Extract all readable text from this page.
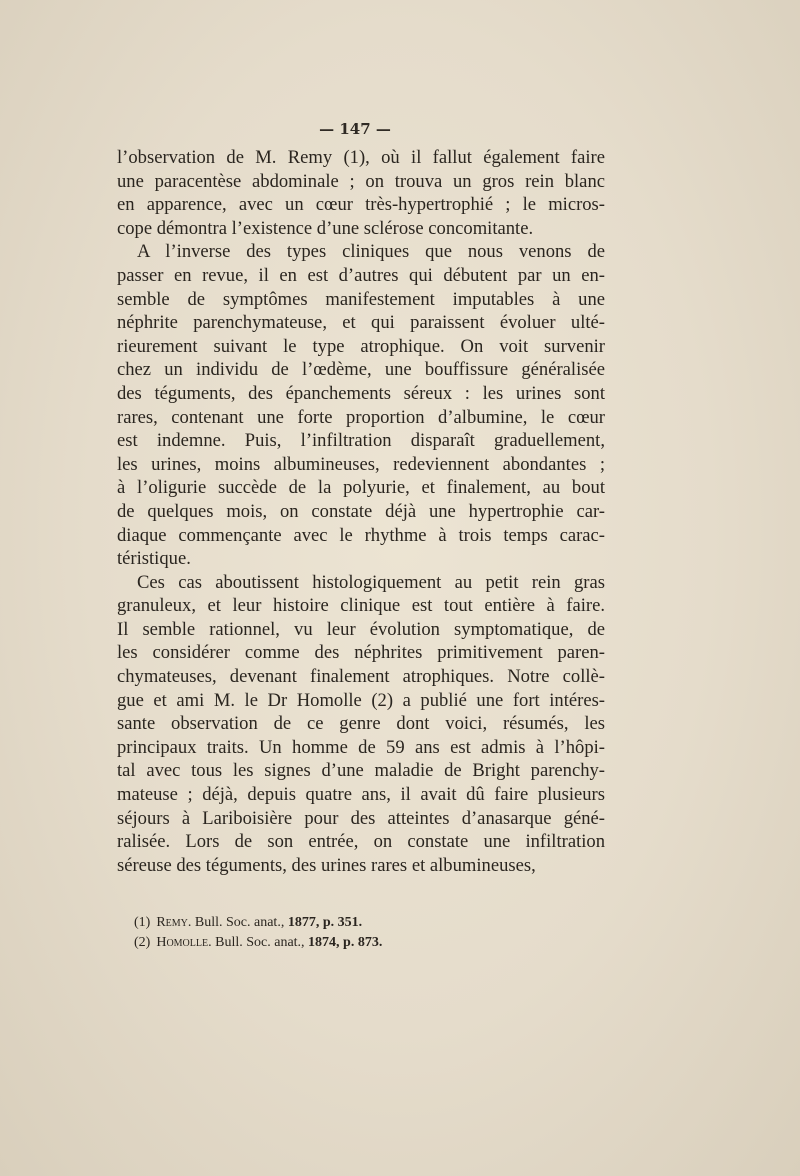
— 147 —
l’observation de M. Remy (1), où il fallut également faire
une paracentèse abdominale ; on trouva un gros rein blanc
en apparence, avec un cœur très-hypertrophié ; le micros-
cope démontra l’existence d’une sclérose concomitante.
A l’inverse des types cliniques que nous venons de
passer en revue, il en est d’autres qui débutent par un en-
semble de symptômes manifestement imputables à une
néphrite parenchymateuse, et qui paraissent évoluer ulté-
rieurement suivant le type atrophique. On voit survenir
chez un individu de l’œdème, une bouffissure généralisée
des téguments, des épanchements séreux : les urines sont
rares, contenant une forte proportion d’albumine, le cœur
est indemne. Puis, l’infiltration disparaît graduellement,
les urines, moins albumineuses, redeviennent abondantes ;
à l’oligurie succède de la polyurie, et finalement, au bout
de quelques mois, on constate déjà une hypertrophie car-
diaque commençante avec le rhythme à trois temps carac-
téristique.
Ces cas aboutissent histologiquement au petit rein gras
granuleux, et leur histoire clinique est tout entière à faire.
Il semble rationnel, vu leur évolution symptomatique, de
les considérer comme des néphrites primitivement paren-
chymateuses, devenant finalement atrophiques. Notre collè-
gue et ami M. le Dr Homolle (2) a publié une fort intéres-
sante observation de ce genre dont voici, résumés, les
principaux traits. Un homme de 59 ans est admis à l’hôpi-
tal avec tous les signes d’une maladie de Bright parenchy-
mateuse ; déjà, depuis quatre ans, il avait dû faire plusieurs
séjours à Lariboisière pour des atteintes d’anasarque géné-
ralisée. Lors de son entrée, on constate une infiltration
séreuse des téguments, des urines rares et albumineuses,
(1) Remy. Bull. Soc. anat., 1877, p. 351.
(2) Homolle. Bull. Soc. anat., 1874, p. 873.
